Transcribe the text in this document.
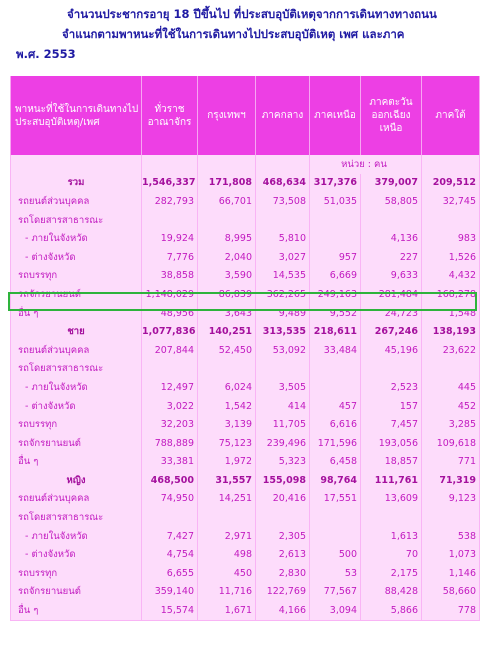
จำนวนประชากรอายุ 18 ปีขึ้นไป ที่ประสบอุบัติเหตุจากการเดินทางทางถนน
จำแนกตามพาหนะที่ใช้ในการเดินทางไปประสบอุบัติเหตุ เพศ และภาค
พ.ศ. 2553
พาหนะที่ใช้ในการเดินทางไปประสบอุบัติเหตุ/เพศ	ทั่วราชอาณาจักร	กรุงเทพฯ	ภาคกลาง	ภาคเหนือ	ภาคตะวันออกเฉียงเหนือ	ภาคใต้
				หน่วย : คน		
รวม	1,546,337	171,808	468,634	317,376	379,007	209,512
รถยนต์ส่วนบุคคล	282,793	66,701	73,508	51,035	58,805	32,745
รถโดยสารสาธารณะ						
- ภายในจังหวัด	19,924	8,995	5,810		4,136	983
- ต่างจังหวัด	7,776	2,040	3,027	957	227	1,526
รถบรรทุก	38,858	3,590	14,535	6,669	9,633	4,432
รถจักรยานยนต์	1,148,029	86,839	362,265	249,163	281,484	168,278
อื่น ๆ	48,956	3,643	9,489	9,552	24,723	1,548
ชาย	1,077,836	140,251	313,535	218,611	267,246	138,193
รถยนต์ส่วนบุคคล	207,844	52,450	53,092	33,484	45,196	23,622
รถโดยสารสาธารณะ						
- ภายในจังหวัด	12,497	6,024	3,505		2,523	445
- ต่างจังหวัด	3,022	1,542	414	457	157	452
รถบรรทุก	32,203	3,139	11,705	6,616	7,457	3,285
รถจักรยานยนต์	788,889	75,123	239,496	171,596	193,056	109,618
อื่น ๆ	33,381	1,972	5,323	6,458	18,857	771
หญิง	468,500	31,557	155,098	98,764	111,761	71,319
รถยนต์ส่วนบุคคล	74,950	14,251	20,416	17,551	13,609	9,123
รถโดยสารสาธารณะ						
- ภายในจังหวัด	7,427	2,971	2,305		1,613	538
- ต่างจังหวัด	4,754	498	2,613	500	70	1,073
รถบรรทุก	6,655	450	2,830	53	2,175	1,146
รถจักรยานยนต์	359,140	11,716	122,769	77,567	88,428	58,660
อื่น ๆ	15,574	1,671	4,166	3,094	5,866	778
